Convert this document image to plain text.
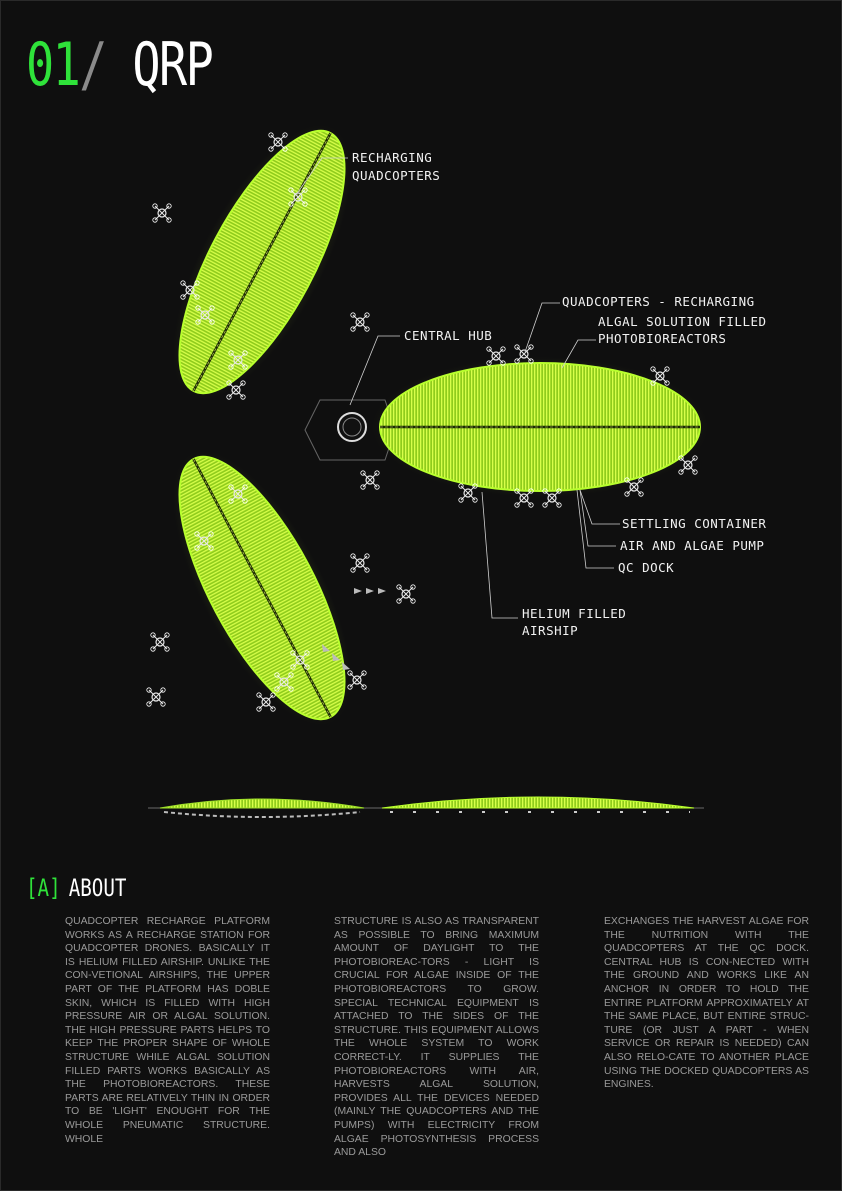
01/ QRP
RECHARGING
QUADCOPTERS
CENTRAL HUB
QUADCOPTERS - RECHARGING
ALGAL SOLUTION FILLED
PHOTOBIOREACTORS
SETTLING CONTAINER
AIR AND ALGAE PUMP
QC DOCK
HELIUM FILLED
AIRSHIP
[A] ABOUT

QUADCOPTER RECHARGE PLATFORM WORKS AS A RECHARGE STATION FOR QUADCOPTER DRONES. BASICALLY IT IS HELIUM FILLED AIRSHIP. UNLIKE THE CON-VETIONAL AIRSHIPS, THE UPPER PART OF THE PLATFORM HAS DOBLE SKIN, WHICH IS FILLED WITH HIGH PRESSURE AIR OR ALGAL SOLUTION. THE HIGH PRESSURE PARTS HELPS TO KEEP THE PROPER SHAPE OF WHOLE STRUCTURE WHILE ALGAL SOLUTION FILLED PARTS WORKS BASICALLY AS THE PHOTOBIOREACTORS. THESE PARTS ARE RELATIVELY THIN IN ORDER TO BE 'LIGHT' ENOUGHT FOR THE WHOLE PNEUMATIC STRUCTURE. WHOLE

STRUCTURE IS ALSO AS TRANSPARENT AS POSSIBLE TO BRING MAXIMUM AMOUNT OF DAYLIGHT TO THE PHOTOBIOREAC-TORS - LIGHT IS CRUCIAL FOR ALGAE INSIDE OF THE PHOTOBIOREACTORS TO GROW. SPECIAL TECHNICAL EQUIPMENT IS ATTACHED TO THE SIDES OF THE STRUCTURE. THIS EQUIPMENT ALLOWS THE WHOLE SYSTEM TO WORK CORRECT-LY. IT SUPPLIES THE PHOTOBIOREACTORS WITH AIR, HARVESTS ALGAL SOLUTION, PROVIDES ALL THE DEVICES NEEDED (MAINLY THE QUADCOPTERS AND THE PUMPS) WITH ELECTRICITY FROM ALGAE PHOTOSYNTHESIS PROCESS AND ALSO

EXCHANGES THE HARVEST ALGAE FOR THE NUTRITION WITH THE QUADCOPTERS AT THE QC DOCK. CENTRAL HUB IS CON-NECTED WITH THE GROUND AND WORKS LIKE AN ANCHOR IN ORDER TO HOLD THE ENTIRE PLATFORM APPROXIMATELY AT THE SAME PLACE, BUT ENTIRE STRUC-TURE (OR JUST A PART - WHEN SERVICE OR REPAIR IS NEEDED) CAN ALSO RELO-CATE TO ANOTHER PLACE USING THE DOCKED QUADCOPTERS AS ENGINES.
